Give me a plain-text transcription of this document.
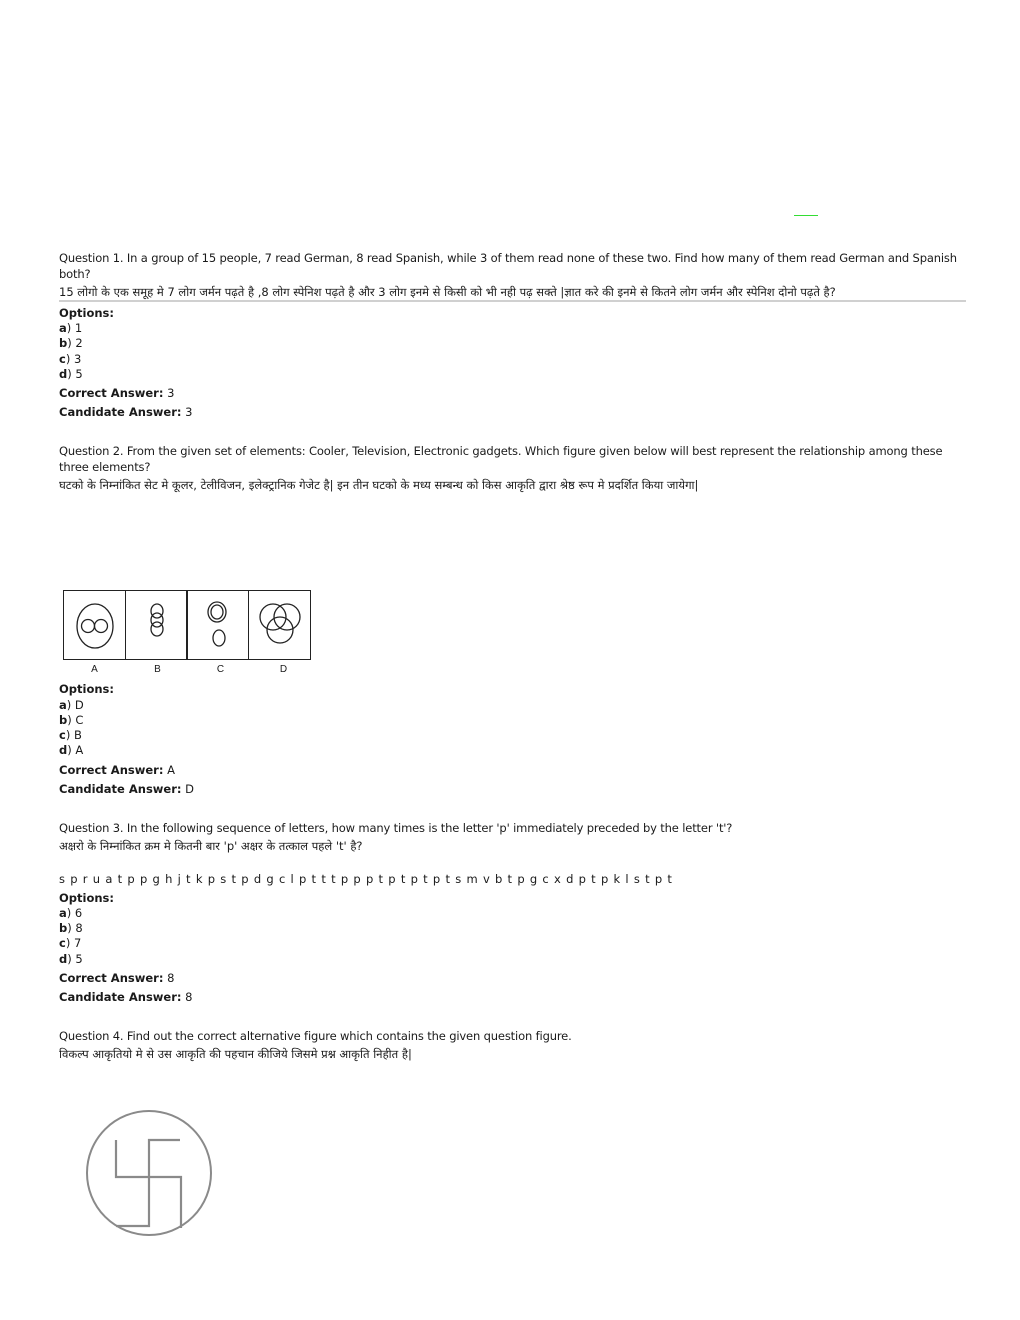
Question 1. In a group of 15 people, 7 read German, 8 read Spanish, while 3 of them read none of these two. Find how many of them read German and Spanish both?
15 लोगो के एक समूह मे 7 लोग जर्मन पढ़ते है ,8 लोग स्पेनिश पढ़ते है और 3 लोग इनमे से किसी को भी नही पढ़ सक्ते |ज्ञात करे की इनमे से कितने लोग जर्मन और स्पेनिश दोनो पढ़ते है?
Options:
a) 1
b) 2
c) 3
d) 5
Correct Answer: 3
Candidate Answer: 3
Question 2. From the given set of elements: Cooler, Television, Electronic gadgets. Which figure given below will best represent the relationship among these three elements?
घटको के निम्नांकित सेट मे कूलर, टेलीविजन, इलेक्ट्रानिक गेजेट है| इन तीन घटको के मध्य सम्बन्ध को किस आकृति द्वारा श्रेष्ठ रूप मे प्रदर्शित किया जायेगा|
A	B	C	D
Options:
a) D
b) C
c) B
d) A
Correct Answer: A
Candidate Answer: D
Question 3. In the following sequence of letters, how many times is the letter 'p' immediately preceded by the letter 't'?
अक्षरो के निम्नांकित क्रम मे कितनी बार 'p' अक्षर के तत्काल पहले 't' है?
s p r u a t p p g h j t k p s t p d g c l p t t t p p p t p t p t p t s m v b t p g c x d p t p k l s t p t
Options:
a) 6
b) 8
c) 7
d) 5
Correct Answer: 8
Candidate Answer: 8
Question 4. Find out the correct alternative figure which contains the given question figure.
विकल्प आकृतियो मे से उस आकृति की पहचान कीजिये जिसमे प्रश्न आकृति निहीत है|
